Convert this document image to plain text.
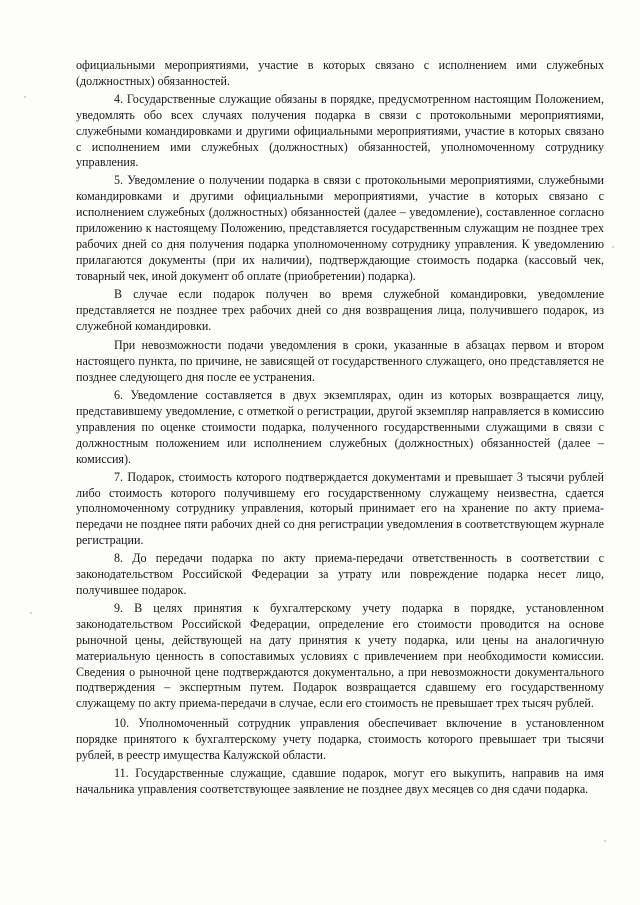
официальными мероприятиями, участие в которых связано с исполнением ими служебных (должностных) обязанностей.

4. Государственные служащие обязаны в порядке, предусмотренном настоящим Положением, уведомлять обо всех случаях получения подарка в связи с протокольными мероприятиями, служебными командировками и другими официальными мероприятиями, участие в которых связано с исполнением ими служебных (должностных) обязанностей, уполномоченному сотруднику управления.

5. Уведомление о получении подарка в связи с протокольными мероприятиями, служебными командировками и другими официальными мероприятиями, участие в которых связано с исполнением служебных (должностных) обязанностей (далее – уведомление), составленное согласно приложению к настоящему Положению, представляется государственным служащим не позднее трех рабочих дней со дня получения подарка уполномоченному сотруднику управления. К уведомлению прилагаются документы (при их наличии), подтверждающие стоимость подарка (кассовый чек, товарный чек, иной документ об оплате (приобретении) подарка).

В случае если подарок получен во время служебной командировки, уведомление представляется не позднее трех рабочих дней со дня возвращения лица, получившего подарок, из служебной командировки.

При невозможности подачи уведомления в сроки, указанные в абзацах первом и втором настоящего пункта, по причине, не зависящей от государственного служащего, оно представляется не позднее следующего дня после ее устранения.

6. Уведомление составляется в двух экземплярах, один из которых возвращается лицу, представившему уведомление, с отметкой о регистрации, другой экземпляр направляется в комиссию управления по оценке стоимости подарка, полученного государственными служащими в связи с должностным положением или исполнением служебных (должностных) обязанностей (далее – комиссия).

7. Подарок, стоимость которого подтверждается документами и превышает 3 тысячи рублей либо стоимость которого получившему его государственному служащему неизвестна, сдается уполномоченному сотруднику управления, который принимает его на хранение по акту приема-передачи не позднее пяти рабочих дней со дня регистрации уведомления в соответствующем журнале регистрации.

8. До передачи подарка по акту приема-передачи ответственность в соответствии с законодательством Российской Федерации за утрату или повреждение подарка несет лицо, получившее подарок.

9. В целях принятия к бухгалтерскому учету подарка в порядке, установленном законодательством Российской Федерации, определение его стоимости проводится на основе рыночной цены, действующей на дату принятия к учету подарка, или цены на аналогичную материальную ценность в сопоставимых условиях с привлечением при необходимости комиссии. Сведения о рыночной цене подтверждаются документально, а при невозможности документального подтверждения – экспертным путем. Подарок возвращается сдавшему его государственному служащему по акту приема-передачи в случае, если его стоимость не превышает трех тысяч рублей.

10. Уполномоченный сотрудник управления обеспечивает включение в установленном порядке принятого к бухгалтерскому учету подарка, стоимость которого превышает три тысячи рублей, в реестр имущества Калужской области.

11. Государственные служащие, сдавшие подарок, могут его выкупить, направив на имя начальника управления соответствующее заявление не позднее двух месяцев со дня сдачи подарка.
